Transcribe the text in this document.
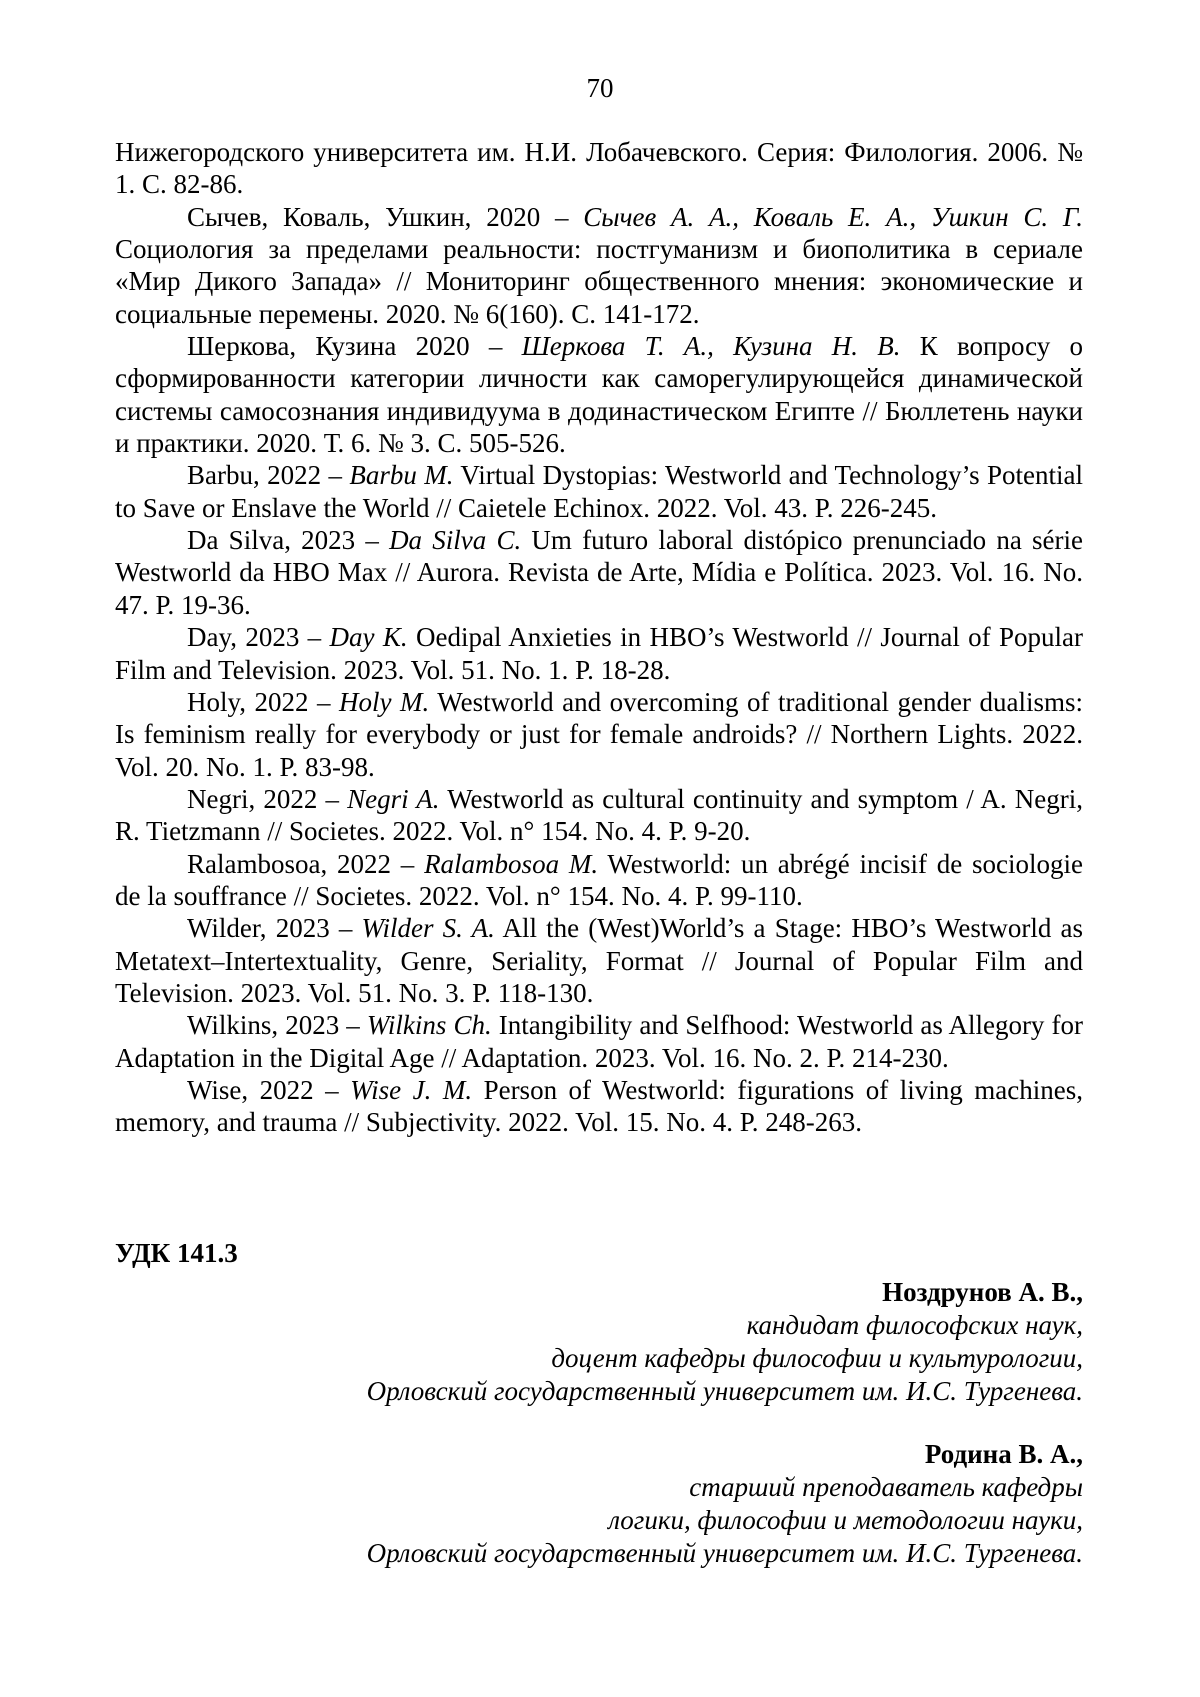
70

Нижегородского университета им. Н.И. Лобачевского. Серия: Филология. 2006. № 1. С. 82-86.

Сычев, Коваль, Ушкин, 2020 – Сычев А. А., Коваль Е. А., Ушкин С. Г. Социология за пределами реальности: постгуманизм и биополитика в сериале «Мир Дикого Запада» // Мониторинг общественного мнения: экономические и социальные перемены. 2020. № 6(160). С. 141-172.

Шеркова, Кузина 2020 – Шеркова Т. А., Кузина Н. В. К вопросу о сформированности категории личности как саморегулирующейся динамической системы самосознания индивидуума в додинастическом Египте // Бюллетень науки и практики. 2020. Т. 6. № 3. С. 505-526.

Barbu, 2022 – Barbu M. Virtual Dystopias: Westworld and Technology’s Potential to Save or Enslave the World // Caietele Echinox. 2022. Vol. 43. P. 226-245.

Da Silva, 2023 – Da Silva C. Um futuro laboral distópico prenunciado na série Westworld da HBO Max // Aurora. Revista de Arte, Mídia e Política. 2023. Vol. 16. No. 47. P. 19-36.

Day, 2023 – Day K. Oedipal Anxieties in HBO’s Westworld // Journal of Popular Film and Television. 2023. Vol. 51. No. 1. P. 18-28.

Holy, 2022 – Holy M. Westworld and overcoming of traditional gender dualisms: Is feminism really for everybody or just for female androids? // Northern Lights. 2022. Vol. 20. No. 1. P. 83-98.

Negri, 2022 – Negri A. Westworld as cultural continuity and symptom / A. Negri, R. Tietzmann // Societes. 2022. Vol. n° 154. No. 4. P. 9-20.

Ralambosoa, 2022 – Ralambosoa M. Westworld: un abrégé incisif de sociologie de la souffrance // Societes. 2022. Vol. n° 154. No. 4. P. 99-110.

Wilder, 2023 – Wilder S. A. All the (West)World’s a Stage: HBO’s Westworld as Metatext–Intertextuality, Genre, Seriality, Format // Journal of Popular Film and Television. 2023. Vol. 51. No. 3. P. 118-130.

Wilkins, 2023 – Wilkins Ch. Intangibility and Selfhood: Westworld as Allegory for Adaptation in the Digital Age // Adaptation. 2023. Vol. 16. No. 2. P. 214-230.

Wise, 2022 – Wise J. M. Person of Westworld: figurations of living machines, memory, and trauma // Subjectivity. 2022. Vol. 15. No. 4. P. 248-263.

УДК 141.3
Ноздрунов А. В.,
кандидат философских наук,
доцент кафедры философии и культурологии,
Орловский государственный университет им. И.С. Тургенева.
Родина В. А.,
старший преподаватель кафедры
логики, философии и методологии науки,
Орловский государственный университет им. И.С. Тургенева.
